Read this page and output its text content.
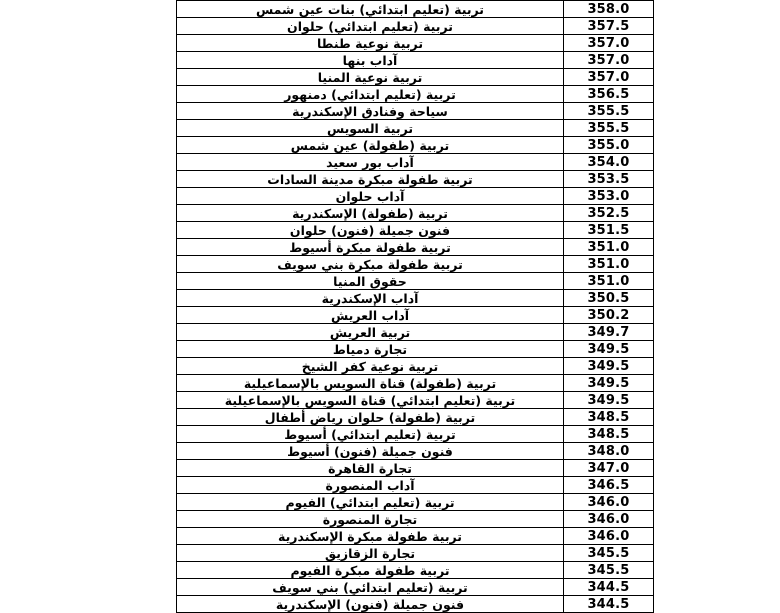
تربية (تعليم ابتدائي) بنات عين شمس	358.0
تربية (تعليم ابتدائي) حلوان	357.5
تربية نوعية طنطا	357.0
آداب بنها	357.0
تربية نوعية المنيا	357.0
تربية (تعليم ابتدائي) دمنهور	356.5
سياحة وفنادق الإسكندرية	355.5
تربية السويس	355.5
تربية (طفولة) عين شمس	355.0
آداب بور سعيد	354.0
تربية طفولة مبكرة مدينة السادات	353.5
آداب حلوان	353.0
تربية (طفولة) الإسكندرية	352.5
فنون جميلة (فنون) حلوان	351.5
تربية طفولة مبكرة أسيوط	351.0
تربية طفولة مبكرة بني سويف	351.0
حقوق المنيا	351.0
آداب الإسكندرية	350.5
آداب العريش	350.2
تربية العريش	349.7
تجارة دمياط	349.5
تربية نوعية كفر الشيخ	349.5
تربية (طفولة) قناة السويس بالإسماعيلية	349.5
تربية (تعليم ابتدائي) قناة السويس بالإسماعيلية	349.5
تربية (طفولة) حلوان رياض أطفال	348.5
تربية (تعليم ابتدائي) أسيوط	348.5
فنون جميلة (فنون) أسيوط	348.0
تجارة القاهرة	347.0
آداب المنصورة	346.5
تربية (تعليم ابتدائي) الفيوم	346.0
تجارة المنصورة	346.0
تربية طفولة مبكرة الإسكندرية	346.0
تجارة الزقازيق	345.5
تربية طفولة مبكرة الفيوم	345.5
تربية (تعليم ابتدائي) بني سويف	344.5
فنون جميلة (فنون) الإسكندرية	344.5
